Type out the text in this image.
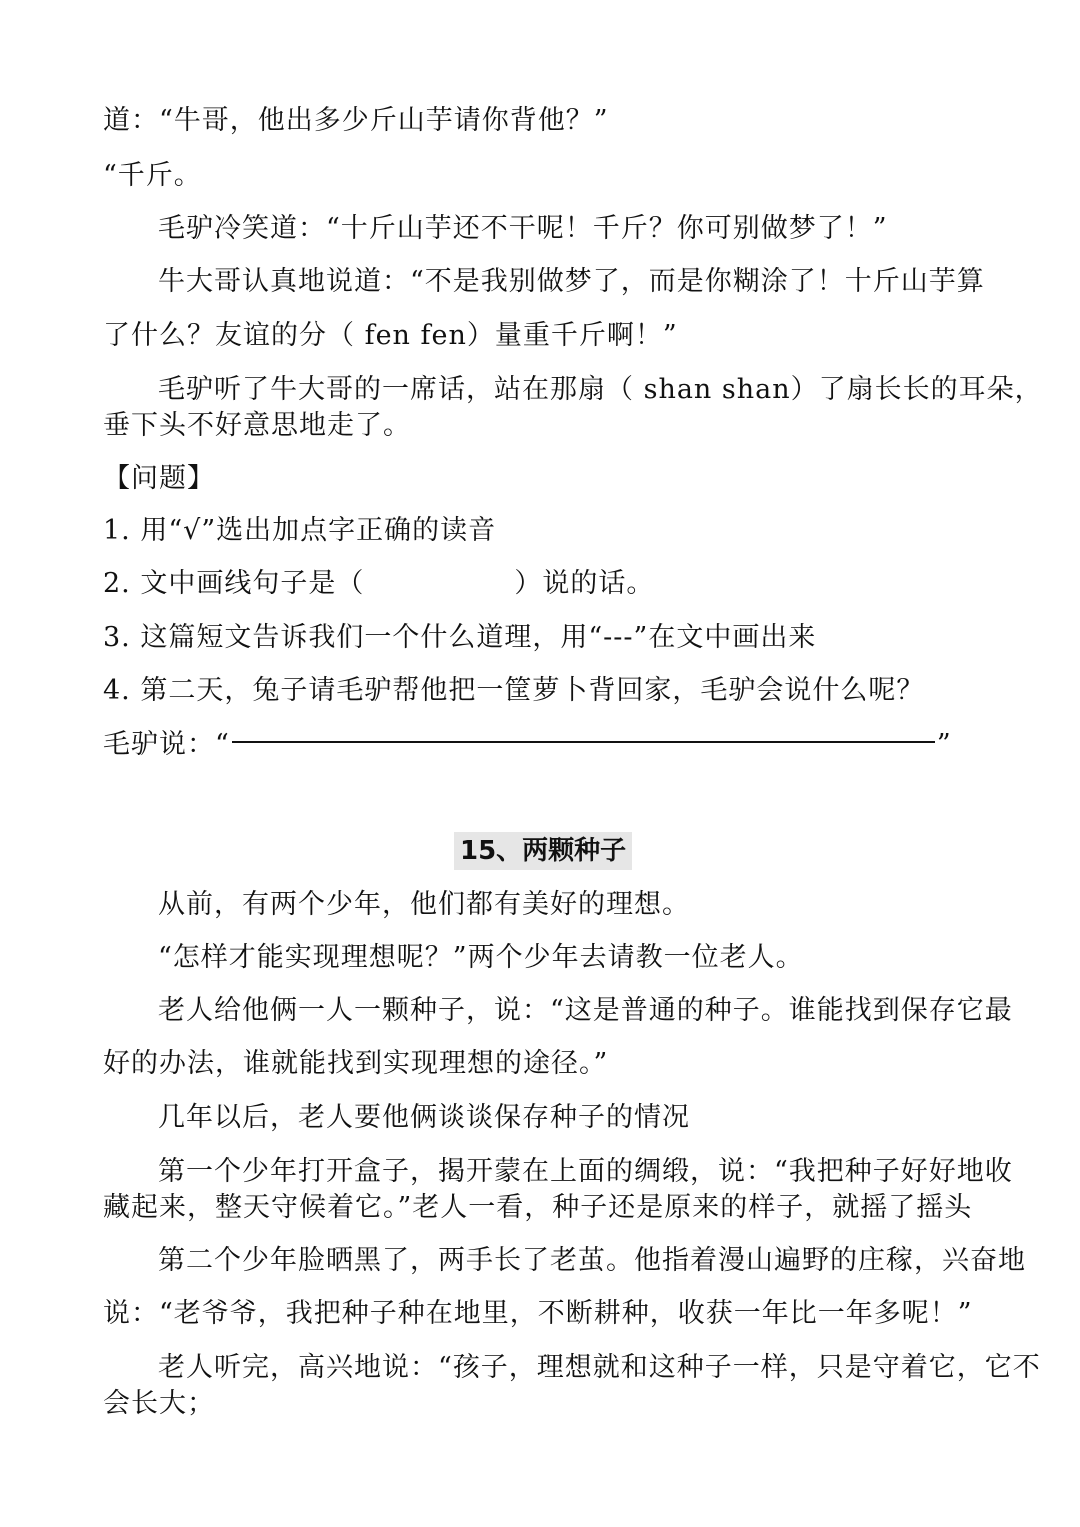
道：“牛哥，他出多少斤山芋请你背他？”
“千斤。
毛驴冷笑道：“十斤山芋还不干呢！千斤？你可别做梦了！”
牛大哥认真地说道：“不是我别做梦了，而是你糊涂了！十斤山芋算
了什么？友谊的分（ fen fen）量重千斤啊！”
毛驴听了牛大哥的一席话，站在那扇（ shan shan）了扇长长的耳朵，
垂下头不好意思地走了。
【问题】
1. 用“√”选出加点字正确的读音
2. 文中画线句子是（	）说的话。
3. 这篇短文告诉我们一个什么道理，用“---”在文中画出来
4. 第二天，兔子请毛驴帮他把一筐萝卜背回家，毛驴会说什么呢？
毛驴说：“	”
15、两颗种子
从前，有两个少年，他们都有美好的理想。
“怎样才能实现理想呢？”两个少年去请教一位老人。
老人给他俩一人一颗种子，说：“这是普通的种子。谁能找到保存它最
好的办法，谁就能找到实现理想的途径。”
几年以后，老人要他俩谈谈保存种子的情况
第一个少年打开盒子，揭开蒙在上面的绸缎，说：“我把种子好好地收
藏起来，整天守候着它。”老人一看，种子还是原来的样子，就摇了摇头
第二个少年脸晒黑了，两手长了老茧。他指着漫山遍野的庄稼，兴奋地
说：“老爷爷，我把种子种在地里，不断耕种，收获一年比一年多呢！”
老人听完，高兴地说：“孩子，理想就和这种子一样，只是守着它，它不
会长大；
